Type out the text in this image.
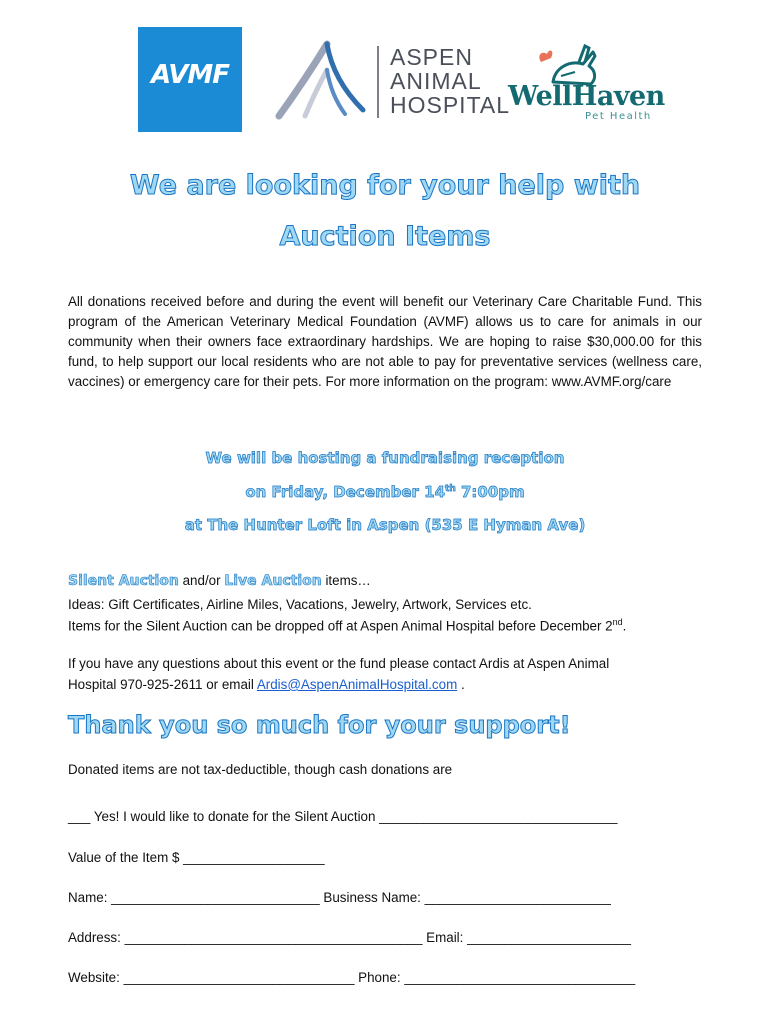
AVMF
ASPEN
ANIMAL
HOSPITAL
WellHaven
Pet Health
We are looking for your help with
Auction Items
All donations received before and during the event will benefit our Veterinary Care Charitable Fund. This program of the American Veterinary Medical Foundation (AVMF) allows us to care for animals in our community when their owners face extraordinary hardships. We are hoping to raise $30,000.00 for this fund, to help support our local residents who are not able to pay for preventative services (wellness care, vaccines) or emergency care for their pets. For more information on the program: www.AVMF.org/care
We will be hosting a fundraising reception
on Friday, December 14th 7:00pm
at The Hunter Loft in Aspen (535 E Hyman Ave)
Silent Auction and/or Live Auction items…
Ideas: Gift Certificates, Airline Miles, Vacations, Jewelry, Artwork, Services etc.
Items for the Silent Auction can be dropped off at Aspen Animal Hospital before December 2nd.
If you have any questions about this event or the fund please contact Ardis at Aspen Animal
Hospital 970-925-2611 or email Ardis@AspenAnimalHospital.com .
Thank you so much for your support!
Donated items are not tax-deductible, though cash donations are
___ Yes! I would like to donate for the Silent Auction ________________________________
Value of the Item $ ___________________
Name: ____________________________ Business Name: _________________________
Address: ________________________________________ Email: ______________________
Website: _______________________________ Phone: _______________________________
